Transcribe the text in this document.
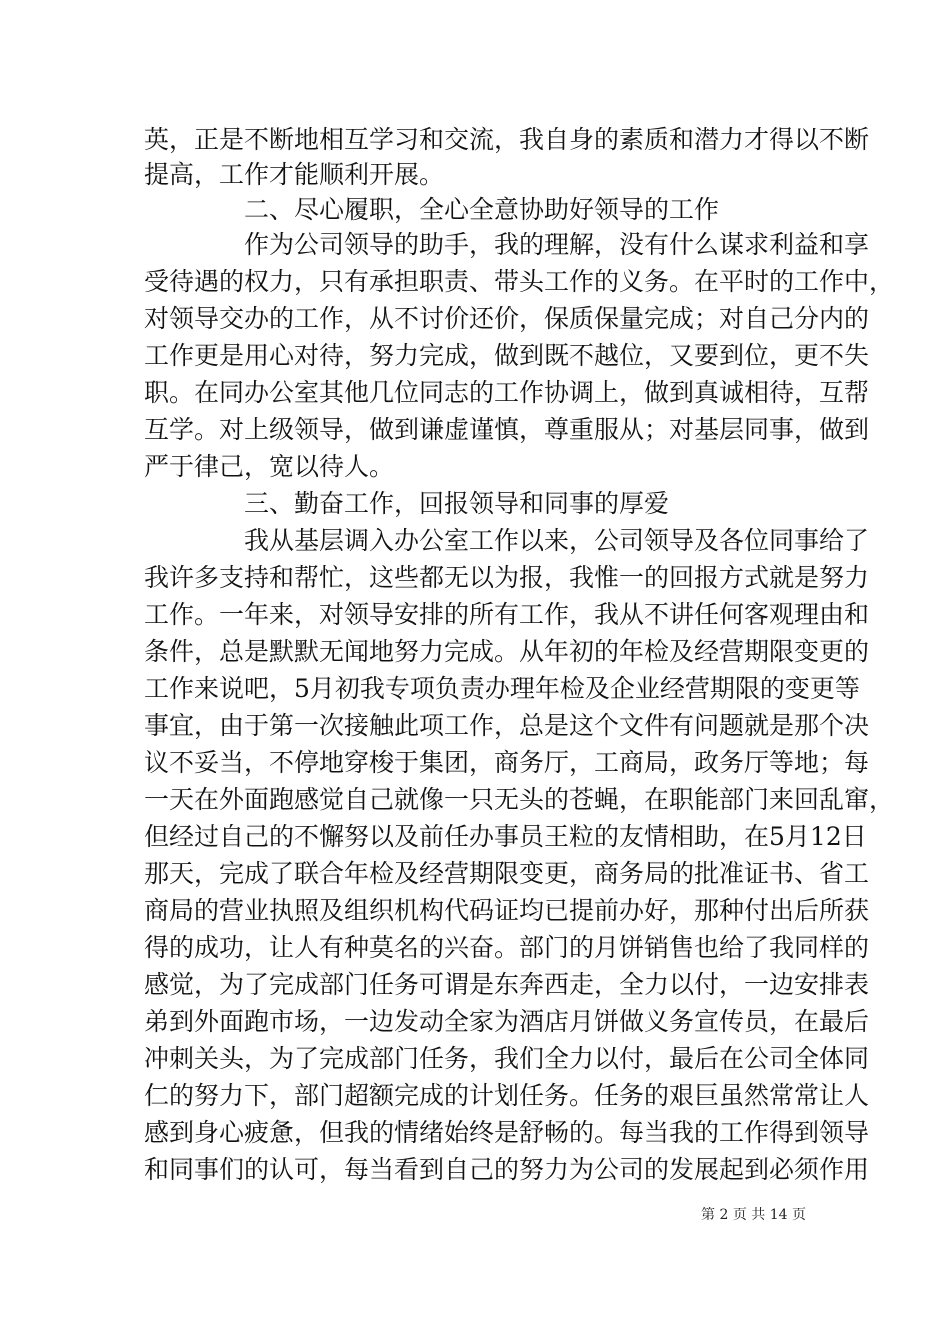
英，正是不断地相互学习和交流，我自身的素质和潜力才得以不断
提高，工作才能顺利开展。
二、尽心履职，全心全意协助好领导的工作
作为公司领导的助手，我的理解，没有什么谋求利益和享
受待遇的权力，只有承担职责、带头工作的义务。在平时的工作中，
对领导交办的工作，从不讨价还价，保质保量完成；对自己分内的
工作更是用心对待，努力完成，做到既不越位，又要到位，更不失
职。在同办公室其他几位同志的工作协调上，做到真诚相待，互帮
互学。对上级领导，做到谦虚谨慎，尊重服从；对基层同事，做到
严于律己，宽以待人。
三、勤奋工作，回报领导和同事的厚爱
我从基层调入办公室工作以来，公司领导及各位同事给了
我许多支持和帮忙，这些都无以为报，我惟一的回报方式就是努力
工作。一年来，对领导安排的所有工作，我从不讲任何客观理由和
条件，总是默默无闻地努力完成。从年初的年检及经营期限变更的
工作来说吧，5月初我专项负责办理年检及企业经营期限的变更等
事宜，由于第一次接触此项工作，总是这个文件有问题就是那个决
议不妥当，不停地穿梭于集团，商务厅，工商局，政务厅等地；每
一天在外面跑感觉自己就像一只无头的苍蝇，在职能部门来回乱窜，
但经过自己的不懈努以及前任办事员王粒的友情相助，在5月12日
那天，完成了联合年检及经营期限变更，商务局的批准证书、省工
商局的营业执照及组织机构代码证均已提前办好，那种付出后所获
得的成功，让人有种莫名的兴奋。部门的月饼销售也给了我同样的
感觉，为了完成部门任务可谓是东奔西走，全力以付，一边安排表
弟到外面跑市场，一边发动全家为酒店月饼做义务宣传员，在最后
冲刺关头，为了完成部门任务，我们全力以付，最后在公司全体同
仁的努力下，部门超额完成的计划任务。任务的艰巨虽然常常让人
感到身心疲惫，但我的情绪始终是舒畅的。每当我的工作得到领导
和同事们的认可，每当看到自己的努力为公司的发展起到必须作用
第 2 页 共 14 页
